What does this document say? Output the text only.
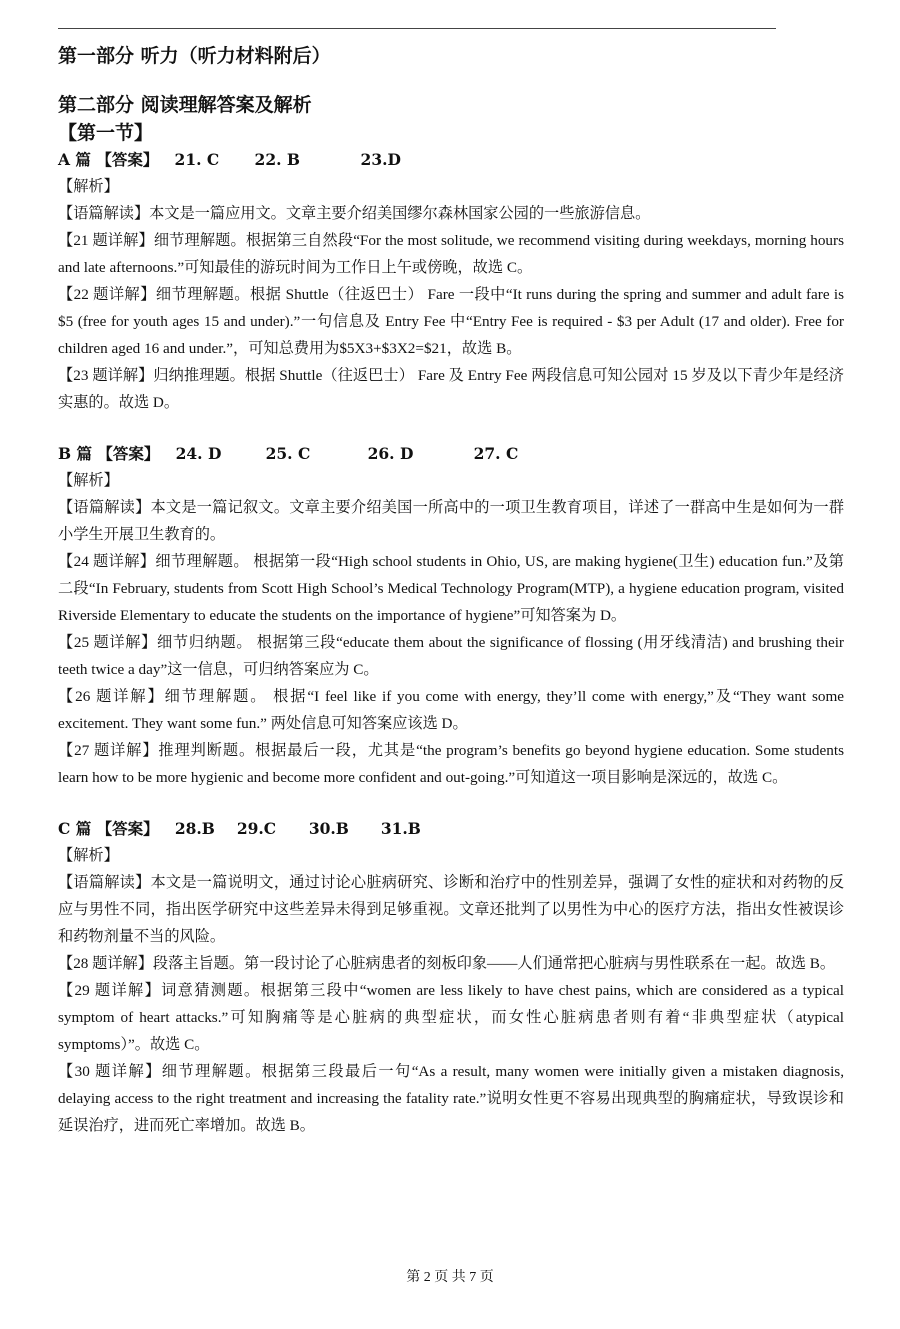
第一部分 听力（听力材料附后）
第二部分 阅读理解答案及解析
【第一节】
A 篇 【答案】 21. C 22. B	23.D

【解析】

【语篇解读】本文是一篇应用文。文章主要介绍美国缪尔森林国家公园的一些旅游信息。

【21 题详解】细节理解题。根据第三自然段“For the most solitude, we recommend visiting during weekdays, morning hours and late afternoons.”可知最佳的游玩时间为工作日上午或傍晚，故选 C。

【22 题详解】细节理解题。根据 Shuttle（往返巴士） Fare 一段中“It runs during the spring and summer and adult fare is $5 (free for youth ages 15 and under).”一句信息及 Entry Fee 中“Entry Fee is required - $3 per Adult (17 and older). Free for children aged 16 and under.”，可知总费用为$5X3+$3X2=$21，故选 B。

【23 题详解】归纳推理题。根据 Shuttle（往返巴士） Fare 及 Entry Fee 两段信息可知公园对 15 岁及以下青少年是经济实惠的。故选 D。

B 篇 【答案】 24. D	25. C	26. D	27. C

【解析】

【语篇解读】本文是一篇记叙文。文章主要介绍美国一所高中的一项卫生教育项目，详述了一群高中生是如何为一群小学生开展卫生教育的。

【24 题详解】细节理解题。 根据第一段“High school students in Ohio, US, are making hygiene(卫生) education fun.”及第二段“In February, students from Scott High School’s Medical Technology Program(MTP), a hygiene education program, visited Riverside Elementary to educate the students on the importance of hygiene”可知答案为 D。

【25 题详解】细节归纳题。 根据第三段“educate them about the significance of flossing (用牙线清洁) and brushing their teeth twice a day”这一信息，可归纳答案应为 C。

【26 题详解】细节理解题。 根据“I feel like if you come with energy, they’ll come with energy,”及“They want some excitement. They want some fun.” 两处信息可知答案应该选 D。

【27 题详解】推理判断题。根据最后一段，尤其是“the program’s benefits go beyond hygiene education. Some students learn how to be more hygienic and become more confident and out-going.”可知道这一项目影响是深远的，故选 C。

C 篇 【答案】 28.B 29.C 30.B 31.B

【解析】

【语篇解读】本文是一篇说明文，通过讨论心脏病研究、诊断和治疗中的性别差异，强调了女性的症状和对药物的反应与男性不同，指出医学研究中这些差异未得到足够重视。文章还批判了以男性为中心的医疗方法，指出女性被误诊和药物剂量不当的风险。

【28 题详解】段落主旨题。第一段讨论了心脏病患者的刻板印象——人们通常把心脏病与男性联系在一起。故选 B。

【29 题详解】词意猜测题。根据第三段中“women are less likely to have chest pains, which are considered as a typical symptom of heart attacks.”可知胸痛等是心脏病的典型症状，而女性心脏病患者则有着“非典型症状（atypical symptoms）”。故选 C。

【30 题详解】细节理解题。根据第三段最后一句“As a result, many women were initially given a mistaken diagnosis, delaying access to the right treatment and increasing the fatality rate.”说明女性更不容易出现典型的胸痛症状，导致误诊和延误治疗，进而死亡率增加。故选 B。

第 2 页 共 7 页
